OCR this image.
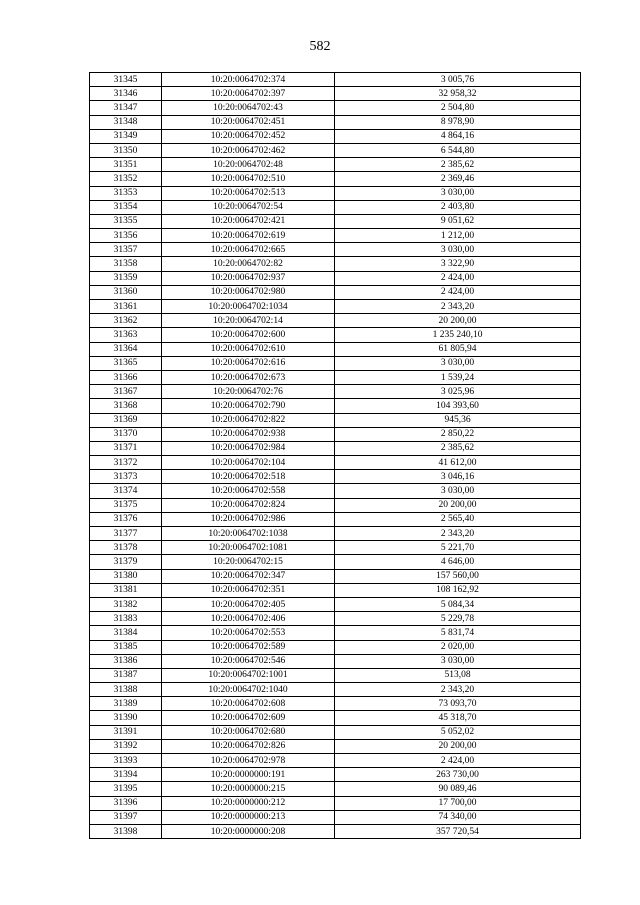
582
31345	10:20:0064702:374	3 005,76
31346	10:20:0064702:397	32 958,32
31347	10:20:0064702:43	2 504,80
31348	10:20:0064702:451	8 978,90
31349	10:20:0064702:452	4 864,16
31350	10:20:0064702:462	6 544,80
31351	10:20:0064702:48	2 385,62
31352	10:20:0064702:510	2 369,46
31353	10:20:0064702:513	3 030,00
31354	10:20:0064702:54	2 403,80
31355	10:20:0064702:421	9 051,62
31356	10:20:0064702:619	1 212,00
31357	10:20:0064702:665	3 030,00
31358	10:20:0064702:82	3 322,90
31359	10:20:0064702:937	2 424,00
31360	10:20:0064702:980	2 424,00
31361	10:20:0064702:1034	2 343,20
31362	10:20:0064702:14	20 200,00
31363	10:20:0064702:600	1 235 240,10
31364	10:20:0064702:610	61 805,94
31365	10:20:0064702:616	3 030,00
31366	10:20:0064702:673	1 539,24
31367	10:20:0064702:76	3 025,96
31368	10:20:0064702:790	104 393,60
31369	10:20:0064702:822	945,36
31370	10:20:0064702:938	2 850,22
31371	10:20:0064702:984	2 385,62
31372	10:20:0064702:104	41 612,00
31373	10:20:0064702:518	3 046,16
31374	10:20:0064702:558	3 030,00
31375	10:20:0064702:824	20 200,00
31376	10:20:0064702:986	2 565,40
31377	10:20:0064702:1038	2 343,20
31378	10:20:0064702:1081	5 221,70
31379	10:20:0064702:15	4 646,00
31380	10:20:0064702:347	157 560,00
31381	10:20:0064702:351	108 162,92
31382	10:20:0064702:405	5 084,34
31383	10:20:0064702:406	5 229,78
31384	10:20:0064702:553	5 831,74
31385	10:20:0064702:589	2 020,00
31386	10:20:0064702:546	3 030,00
31387	10:20:0064702:1001	513,08
31388	10:20:0064702:1040	2 343,20
31389	10:20:0064702:608	73 093,70
31390	10:20:0064702:609	45 318,70
31391	10:20:0064702:680	5 052,02
31392	10:20:0064702:826	20 200,00
31393	10:20:0064702:978	2 424,00
31394	10:20:0000000:191	263 730,00
31395	10:20:0000000:215	90 089,46
31396	10:20:0000000:212	17 700,00
31397	10:20:0000000:213	74 340,00
31398	10:20:0000000:208	357 720,54
